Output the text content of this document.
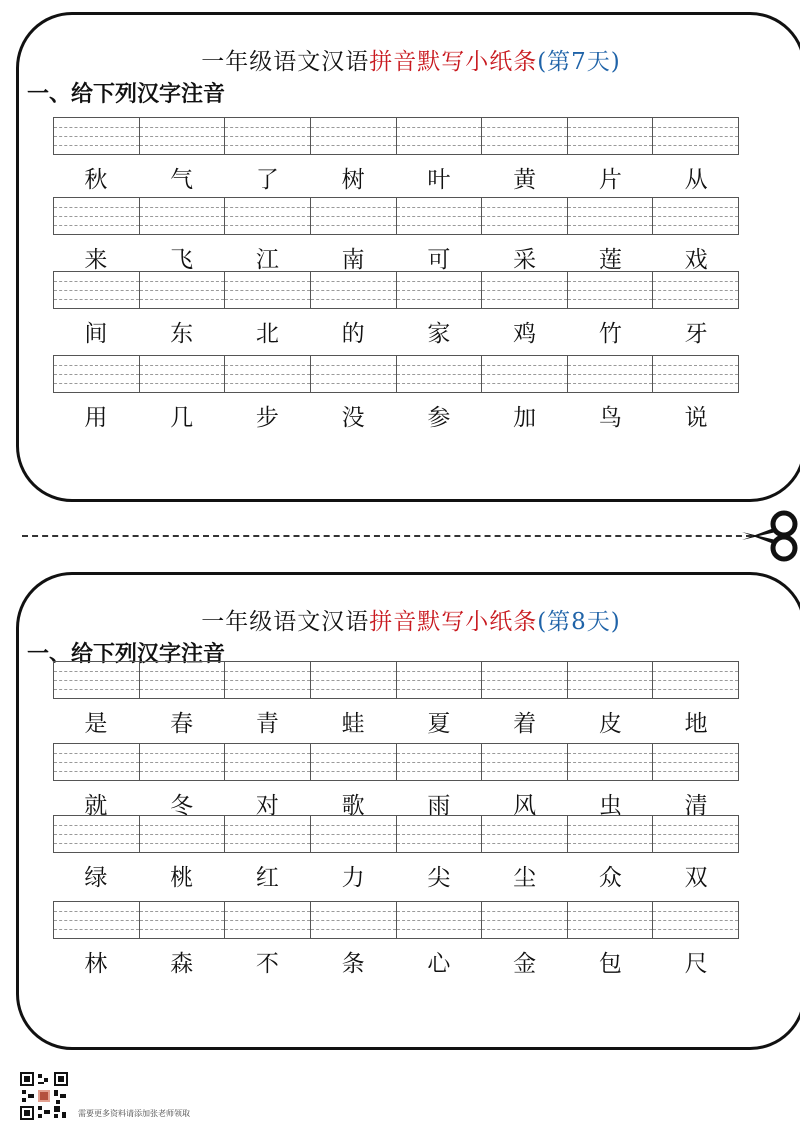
一年级语文汉语拼音默写小纸条(第7天)
一、给下列汉字注音
秋	气	了	树	叶	黄	片	从
来	飞	江	南	可	采	莲	戏
间	东	北	的	家	鸡	竹	牙
用	几	步	没	参	加	鸟	说
一年级语文汉语拼音默写小纸条(第8天)
一、给下列汉字注音
是	春	青	蛙	夏	着	皮	地
就	冬	对	歌	雨	风	虫	清
绿	桃	红	力	尖	尘	众	双
林	森	不	条	心	金	包	尺
需要更多资料请添加张老师领取
